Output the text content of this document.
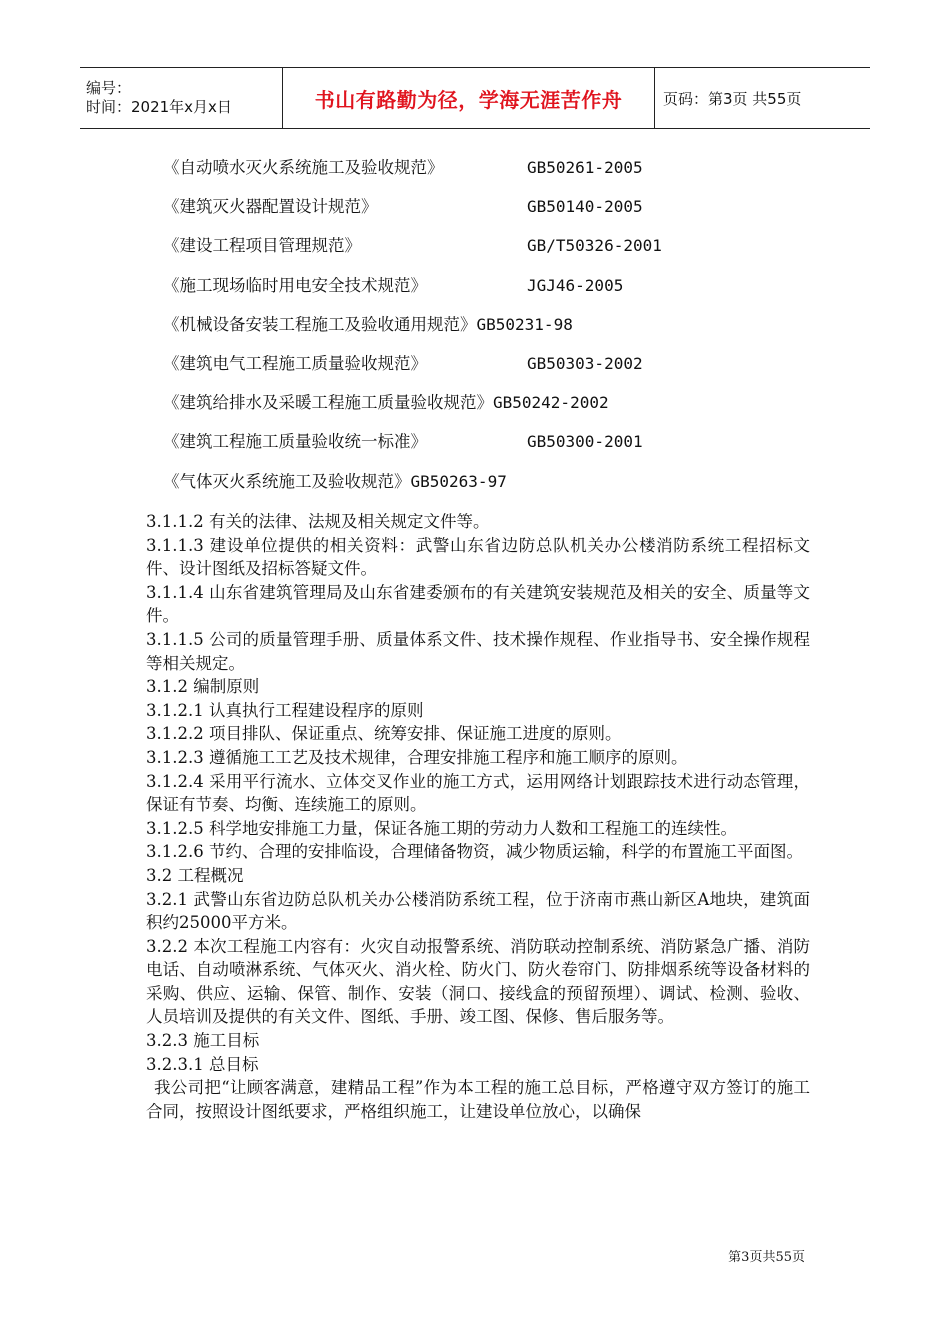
编号：
时间：2021年x月x日	书山有路勤为径，学海无涯苦作舟	页码：第3页 共55页
《自动喷水灭火系统施工及验收规范》	GB50261-2005
《建筑灭火器配置设计规范》	GB50140-2005
《建设工程项目管理规范》	GB/T50326-2001
《施工现场临时用电安全技术规范》	JGJ46-2005
《机械设备安装工程施工及验收通用规范》GB50231-98
《建筑电气工程施工质量验收规范》	GB50303-2002
《建筑给排水及采暖工程施工质量验收规范》GB50242-2002
《建筑工程施工质量验收统一标准》	GB50300-2001
《气体灭火系统施工及验收规范》GB50263-97

3.1.1.2 有关的法律、法规及相关规定文件等。

3.1.1.3 建设单位提供的相关资料：武警山东省边防总队机关办公楼消防系统工程招标文件、设计图纸及招标答疑文件。

3.1.1.4 山东省建筑管理局及山东省建委颁布的有关建筑安装规范及相关的安全、质量等文件。

3.1.1.5 公司的质量管理手册、质量体系文件、技术操作规程、作业指导书、安全操作规程等相关规定。

3.1.2 编制原则

3.1.2.1 认真执行工程建设程序的原则

3.1.2.2 项目排队、保证重点、统筹安排、保证施工进度的原则。

3.1.2.3 遵循施工工艺及技术规律，合理安排施工程序和施工顺序的原则。

3.1.2.4 采用平行流水、立体交叉作业的施工方式，运用网络计划跟踪技术进行动态管理，保证有节奏、均衡、连续施工的原则。

3.1.2.5 科学地安排施工力量，保证各施工期的劳动力人数和工程施工的连续性。

3.1.2.6 节约、合理的安排临设，合理储备物资，减少物质运输，科学的布置施工平面图。

3.2 工程概况

3.2.1 武警山东省边防总队机关办公楼消防系统工程，位于济南市燕山新区A地块，建筑面积约25000平方米。

3.2.2 本次工程施工内容有：火灾自动报警系统、消防联动控制系统、消防紧急广播、消防电话、自动喷淋系统、气体灭火、消火栓、防火门、防火卷帘门、防排烟系统等设备材料的采购、供应、运输、保管、制作、安装（洞口、接线盒的预留预埋）、调试、检测、验收、人员培训及提供的有关文件、图纸、手册、竣工图、保修、售后服务等。

3.2.3 施工目标

3.2.3.1 总目标

我公司把“让顾客满意，建精品工程”作为本工程的施工总目标，严格遵守双方签订的施工合同，按照设计图纸要求，严格组织施工，让建设单位放心，以确保

第3页共55页
